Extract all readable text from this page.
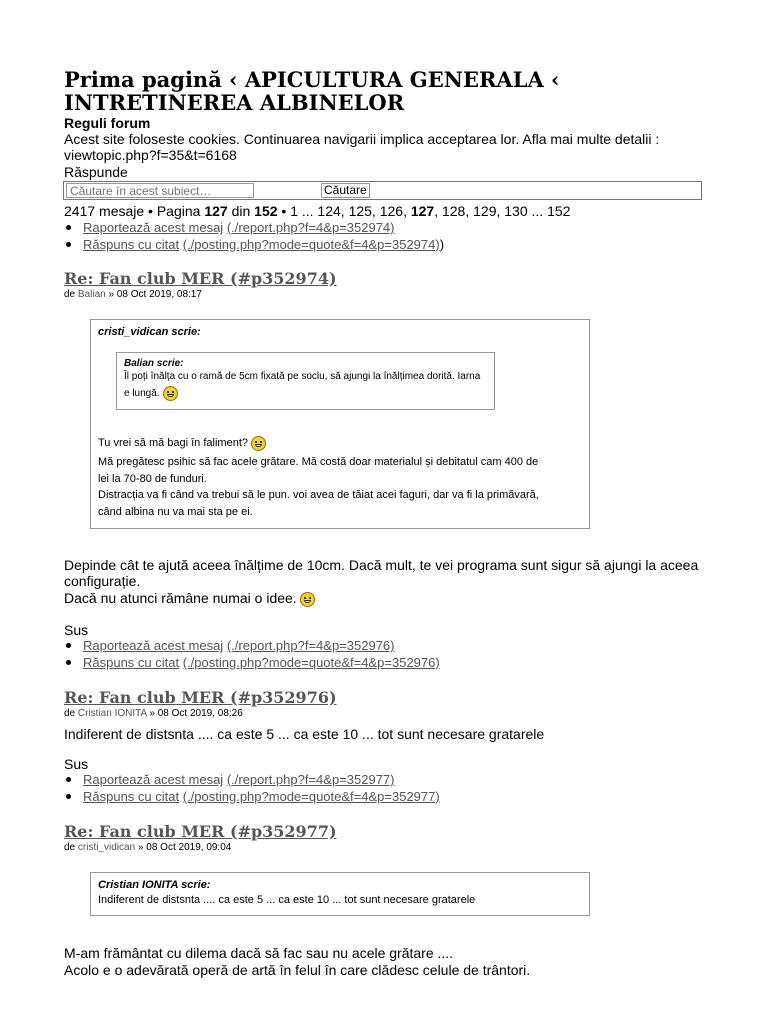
Prima pagină ‹ APICULTURA GENERALA ‹ INTRETINEREA ALBINELOR
Reguli forum
Acest site foloseste cookies. Continuarea navigarii implica acceptarea lor. Afla mai multe detalii :
viewtopic.php?f=35&t=6168
Răspunde
Căutare în acest subiect…
Căutare
2417 mesaje • Pagina 127 din 152 • 1 ... 124, 125, 126, 127, 128, 129, 130 ... 152
Raportează acest mesaj (./report.php?f=4&p=352974)
Răspuns cu citat (./posting.php?mode=quote&f=4&p=352974))
Re: Fan club MER (#p352974)
de Balian » 08 Oct 2019, 08:17
cristi_vidican scrie:
Balian scrie:
Îl poți înălța cu o ramă de 5cm fixată pe soclu, să ajungi la înălțimea dorită. Iarna
e lungă.
Tu vrei să mă bagi în faliment?
Mă pregătesc psihic să fac acele grătare. Mă costă doar materialul și debitatul cam 400 de
lei la 70-80 de funduri.
Distracția va fi când va trebui să le pun. voi avea de tăiat acei faguri, dar va fi la primăvară,
când albina nu va mai sta pe ei.
Depinde cât te ajută aceea înălțime de 10cm. Dacă mult, te vei programa sunt sigur să ajungi la aceea
configurație.
Dacă nu atunci rămâne numai o idee.
Sus
Raportează acest mesaj (./report.php?f=4&p=352976)
Răspuns cu citat (./posting.php?mode=quote&f=4&p=352976)
Re: Fan club MER (#p352976)
de Cristian IONITA » 08 Oct 2019, 08:26
Indiferent de distsnta .... ca este 5 ... ca este 10 ... tot sunt necesare gratarele
Sus
Raportează acest mesaj (./report.php?f=4&p=352977)
Răspuns cu citat (./posting.php?mode=quote&f=4&p=352977)
Re: Fan club MER (#p352977)
de cristi_vidican » 08 Oct 2019, 09:04
Cristian IONITA scrie:
Indiferent de distsnta .... ca este 5 ... ca este 10 ... tot sunt necesare gratarele
M-am frământat cu dilema dacă să fac sau nu acele grătare ....
Acolo e o adevărată operă de artă în felul în care clădesc celule de trântori.
